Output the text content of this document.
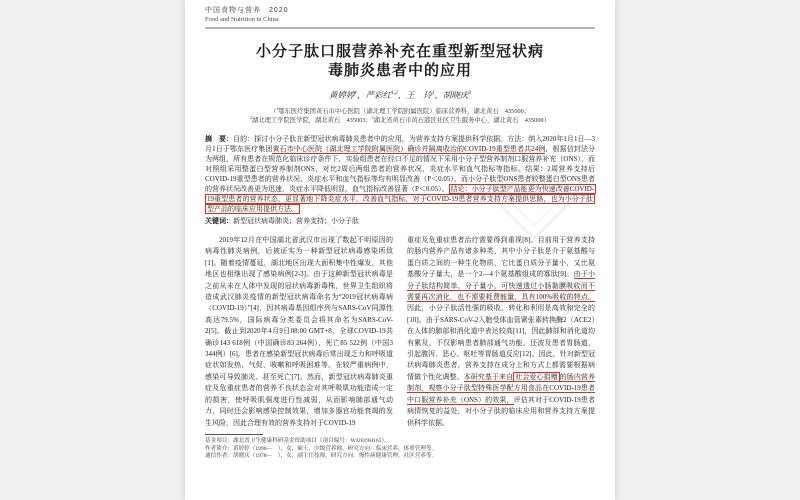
中国食物与营养　2020
Food and Nutrition in China
小分子肽口服营养补充在重型新型冠状病
毒肺炎患者中的应用
黄婷婷$^1$，严彩红$^{1,2}$，王　玲$^1$，胡晓庆$^3$
（$^1$鄂东医疗集团黄石市中心医院（湖北理工学院附属医院）临床营养科，湖北黄石　435000；
$^2$湖北理工学院医学院，湖北黄石　435003；$^3$湖北省黄石市黄石港区社区卫生服务中心，湖北黄石　435000）
摘　要：目的：探讨小分子肽在新型冠状病毒肺炎患者中的应用，为营养支持方案提供科学依据。方法：纳入2020年1月1日—3月1日于鄂东医疗集团黄石市中心医院（湖北理工学院附属医院）确诊并隔离收治的COVID-19重型患者共24例，根据信封法分为两组，所有患者在规范化临床诊疗条件下，实验组患者在经口不足的情况下采用小分子型营养制剂口服营养补充（ONS），而对照组采用整蛋白型营养制剂ONS，对比2周后两组患者的营养状况、炎症水平和血气指标等指标。结果：2周营养支持后COVID-19重型患者的营养状况、炎症水平和血气指标等均有明显改善（P＜0.05），而小分子肽型ONS患者较整蛋白型ONS患者的营养状况改善更为迅速，炎症水平降低明显，血气指标改善显著（P＜0.05）。 结论：小分子肽型产品能更为快速改善COVID-19重型患者的营养状态，更显著地下降炎症水平，改善血气指标，对于COVID-19患者营养支持方案提供思路，也为小分子肽型产品的临床应用提供方法。
关键词：新型冠状病毒肺炎；营养支持；小分子肽

2019年12月在中国湖北省武汉市出现了数起不明原因的病毒性肺炎病例，后被证实为一种新型冠状病毒感染所致[1]。随着疫情蔓延，湖北地区出现大面积集中性爆发，其他地区也相继出现了感染病例[2-3]。由于这种新型冠状病毒是之前从未在人体中发现的冠状病毒新毒株，世界卫生组织将造成武汉肺炎疫情的新型冠状病毒命名为“2019冠状病毒病（COVID-19）”[4]，因其病毒基因组序列与SARS-CoV同源性高达79.5%，国际病毒分类委员会将其命名为SARS-CoV-2[5]。截止到2020年4月9日08:00 GMT+8，全球COVID-19共确诊143 618例（中国确诊83 264例），死亡85 522例（中国3 344例）[6]。患者在感染新型冠状病毒后常出现乏力和呼吸道症状如发热、气促、咳嗽和呼吸困难等。在较严重病例中，感染可导致肺炎、甚至死亡[7]。然而，新型冠状病毒肺炎重症及危重症患者的营养不良状态会对其呼吸肌功能造成一定的损害，使呼吸肌强度进行性减弱，从而影响肺部通气动力，同时还会影响感染控制效果，增加多器官功能衰竭的发生风险，因此合理有效的营养支持对于COVID-19

基金项目：湖北省卫生健康科研基金资助项目（项目编号：WJ2019H165）。
作者简介：黄婷婷（1990—　），女，硕士，中级营养师，研究方向：临床营养，体重管理等。
通信作者：胡晓庆（1978—　），女，副主任技师，研究方向：慢性病健康管理，社区营养等。

重症及危重症患者治疗需要得到重视[8]。目前用于营养支持的肠内营养产品有诸多种类，其中小分子肽是介于氨基酸与蛋白质之间的一种生化物质，它比蛋白质分子量小，又比氨基酸分子量大，是一个2—4个氨基酸组成的寡肽[9]。由于小分子肽结构简单、分子量小，可快速透过小肠黏膜吸收而不需要再次消化，也不需要耗费能量，具有100%吸收的特点。因此，小分子肽活性强的吸收、转化和利用是高效和完全的[10]。由于SARS-CoV-2入胞受体血管紧张素转换酶2（ACE2）在人体的肺部和消化道中表达较高[11]，因此肺部和消化道均有累及，不仅影响患者肺部通气功能，还波及患者胃肠道，引起腹泻、恶心、呕吐等胃肠道反应[12]。因此，针对新型冠状病毒肺炎患者，营养支持在成分上和方式上都需要根据病情做个性化调整。本研究基于来自 社会爱心捐赠 的肠内营养制剂，观察小分子肽型特殊医学配方用食品在COVID-19患者中口服营养补充（ONS）的效果，评估其对于COVID-19患者病情恢复的益处，对小分子肽的临床应用和营养支持方案提供科学依据。
